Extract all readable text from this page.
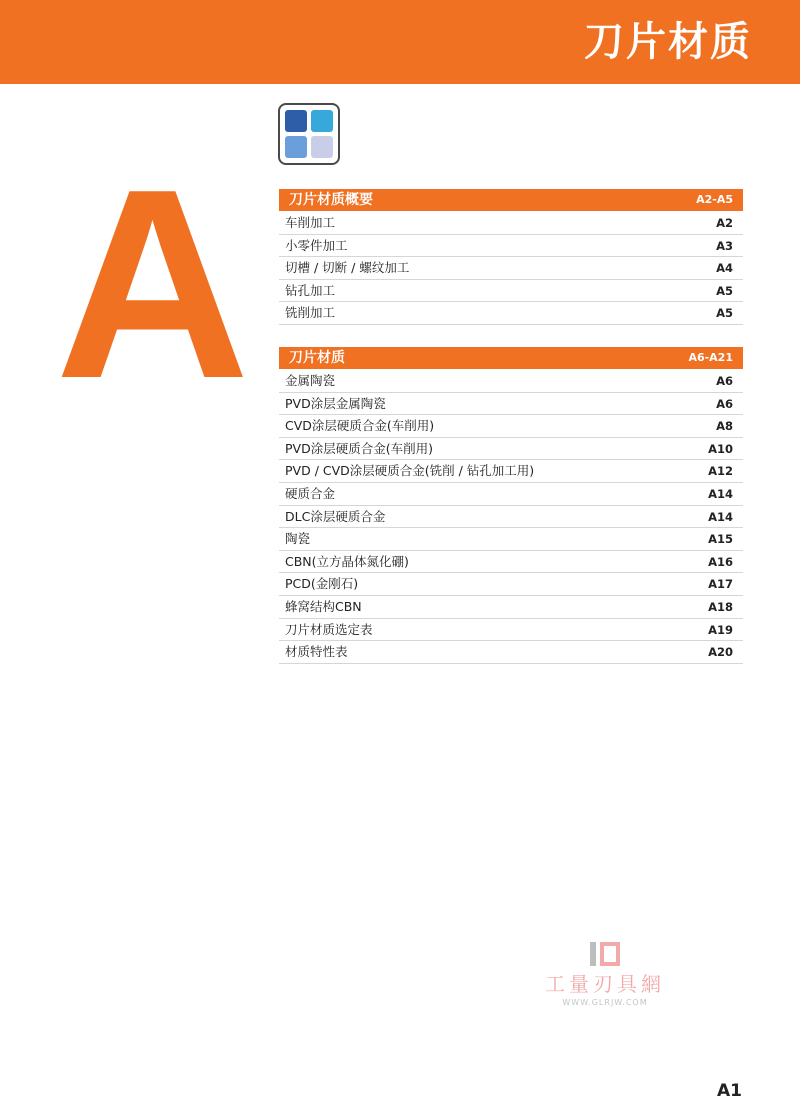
刀片材质
A	刀片材质概要	A2-A5
车削加工	A2
小零件加工	A3
切槽 / 切断 / 螺纹加工	A4
钻孔加工	A5
铣削加工	A5
刀片材质	A6-A21
金属陶瓷	A6
PVD涂层金属陶瓷	A6
CVD涂层硬质合金(车削用)	A8
PVD涂层硬质合金(车削用)	A10
PVD / CVD涂层硬质合金(铣削 / 钻孔加工用)	A12
硬质合金	A14
DLC涂层硬质合金	A14
陶瓷	A15
CBN(立方晶体氮化硼)	A16
PCD(金刚石)	A17
蜂窝结构CBN	A18
刀片材质选定表	A19
材质特性表	A20
工量刃具網
WWW.GLRJW.COM
A1
